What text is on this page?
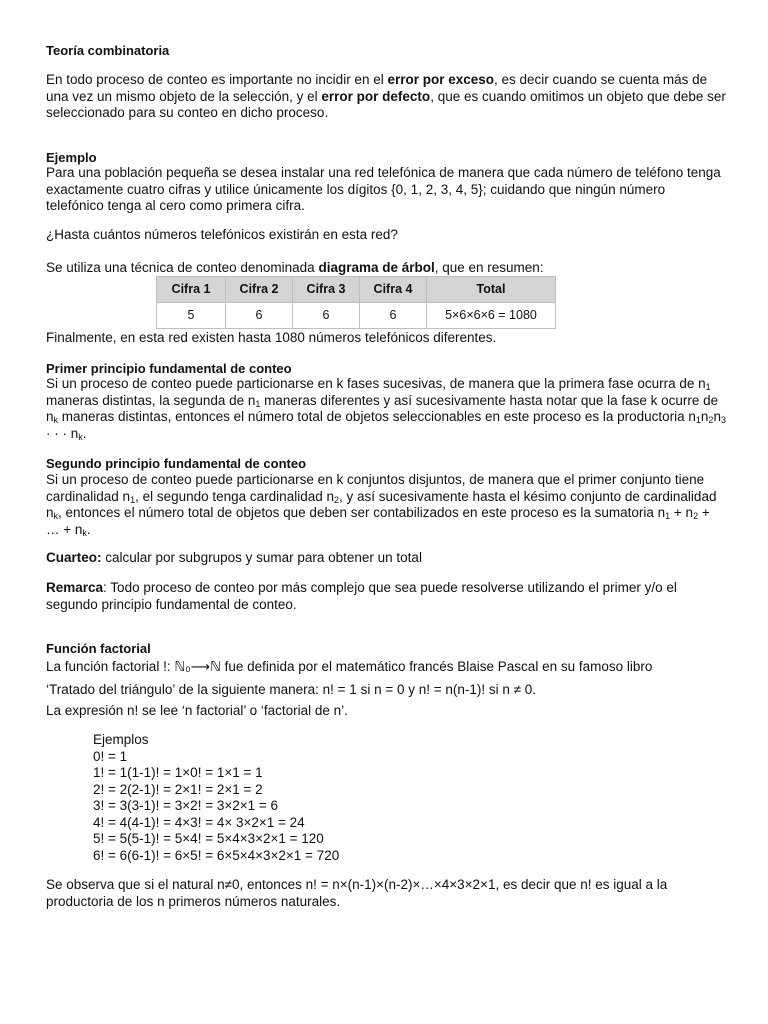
Teoría combinatoria

En todo proceso de conteo es importante no incidir en el error por exceso, es decir cuando se cuenta más de una vez un mismo objeto de la selección, y el error por defecto, que es cuando omitimos un objeto que debe ser seleccionado para su conteo en dicho proceso.

Ejemplo

Para una población pequeña se desea instalar una red telefónica de manera que cada número de teléfono tenga exactamente cuatro cifras y utilice únicamente los dígitos {0, 1, 2, 3, 4, 5}; cuidando que ningún número telefónico tenga al cero como primera cifra.

¿Hasta cuántos números telefónicos existirán en esta red?

Se utiliza una técnica de conteo denominada diagrama de árbol, que en resumen:

Cifra 1	Cifra 2	Cifra 3	Cifra 4	Total
5	6	6	6	5×6×6×6 = 1080

Finalmente, en esta red existen hasta 1080 números telefónicos diferentes.

Primer principio fundamental de conteo

Si un proceso de conteo puede particionarse en k fases sucesivas, de manera que la primera fase ocurra de $n_1$ maneras distintas, la segunda de $n_1$ maneras diferentes y así sucesivamente hasta notar que la fase k ocurre de $n_k$ maneras distintas, entonces el número total de objetos seleccionables en este proceso es la productoria $n_1n_2n_3$ · · · $n_k$.

Segundo principio fundamental de conteo

Si un proceso de conteo puede particionarse en k conjuntos disjuntos, de manera que el primer conjunto tiene cardinalidad $n_1$, el segundo tenga cardinalidad $n_2$, y así sucesivamente hasta el késimo conjunto de cardinalidad $n_k$, entonces el número total de objetos que deben ser contabilizados en este proceso es la sumatoria $n_1 + n_2$ + … + $n_k$.

Cuarteo: calcular por subgrupos y sumar para obtener un total

Remarca: Todo proceso de conteo por más complejo que sea puede resolverse utilizando el primer y/o el segundo principio fundamental de conteo.

Función factorial

La función factorial !: ℕ₀⟶ℕ fue definida por el matemático francés Blaise Pascal en su famoso libro

‘Tratado del triángulo’ de la siguiente manera: n! = 1 si n = 0 y n! = n(n-1)! si n ≠ 0.

La expresión n! se lee ‘n factorial’ o ‘factorial de n’.

Ejemplos
0! = 1
1! = 1(1-1)! = 1×0! = 1×1 = 1
2! = 2(2-1)! = 2×1! = 2×1 = 2
3! = 3(3-1)! = 3×2! = 3×2×1 = 6
4! = 4(4-1)! = 4×3! = 4× 3×2×1 = 24
5! = 5(5-1)! = 5×4! = 5×4×3×2×1 = 120
6! = 6(6-1)! = 6×5! = 6×5×4×3×2×1 = 720

Se observa que si el natural n≠0, entonces n! = n×(n-1)×(n-2)×…×4×3×2×1, es decir que n! es igual a la productoria de los n primeros números naturales.
